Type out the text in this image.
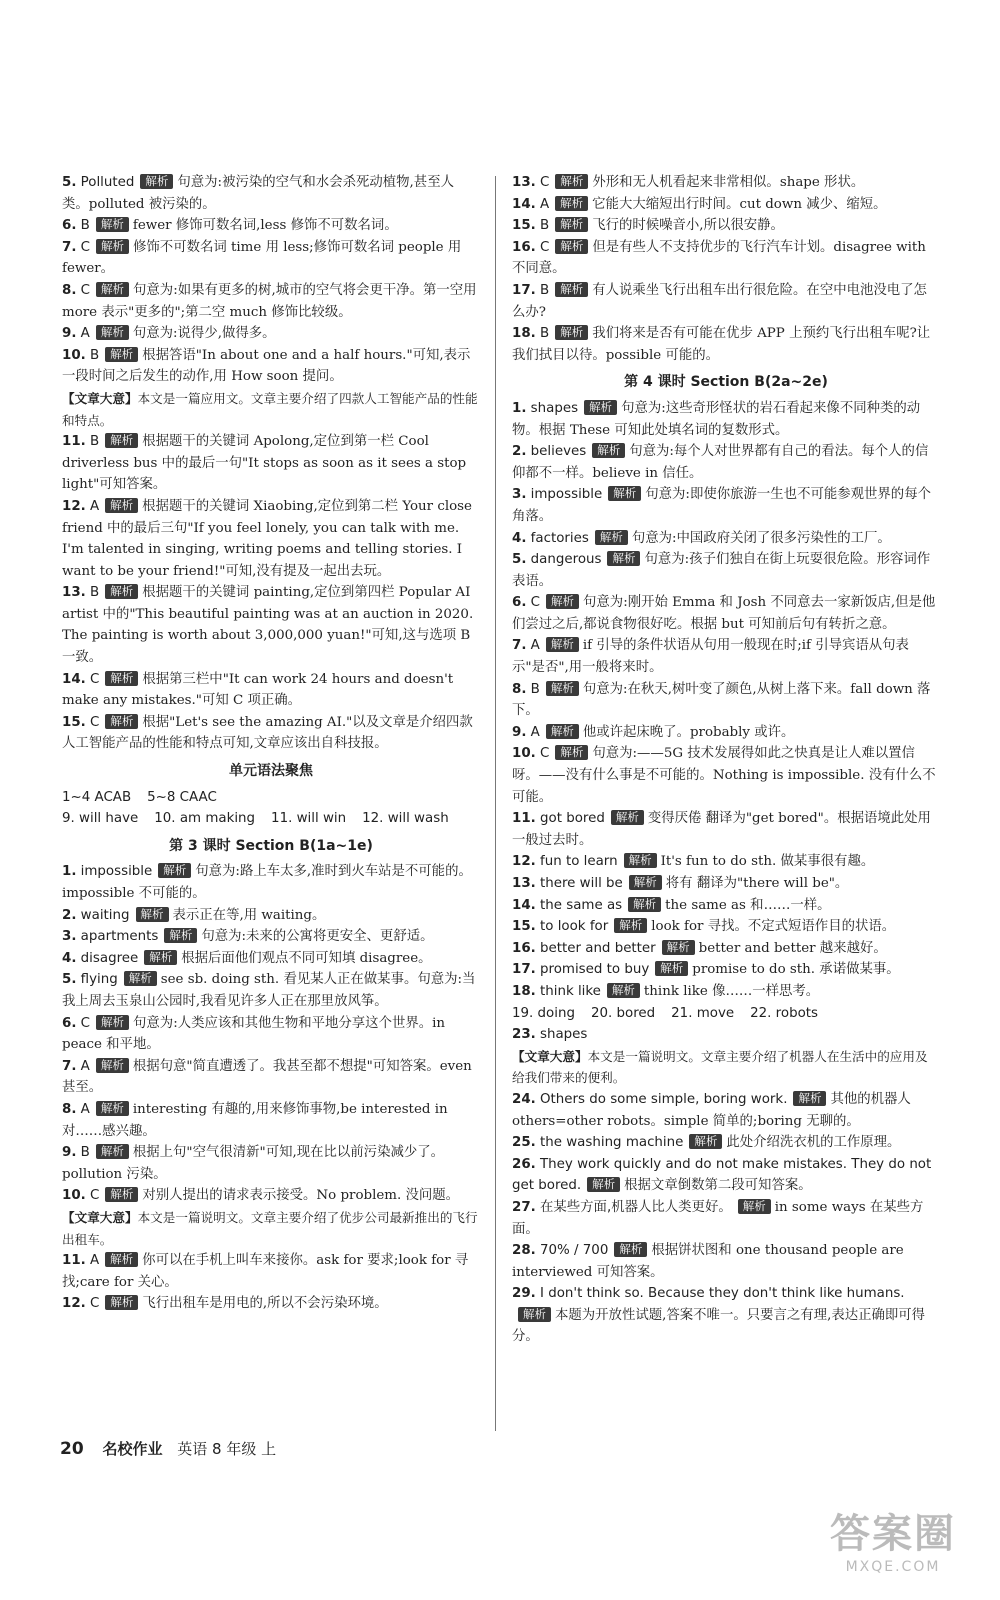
5. Polluted 解析 句意为:被污染的空气和水会杀死动植物,甚至人类。polluted 被污染的。
6. B 解析 fewer 修饰可数名词,less 修饰不可数名词。
7. C 解析 修饰不可数名词 time 用 less;修饰可数名词 people 用 fewer。
8. C 解析 句意为:如果有更多的树,城市的空气将会更干净。第一空用 more 表示"更多的";第二空 much 修饰比较级。
9. A 解析 句意为:说得少,做得多。
10. B 解析 根据答语"In about one and a half hours."可知,表示一段时间之后发生的动作,用 How soon 提问。
【文章大意】本文是一篇应用文。文章主要介绍了四款人工智能产品的性能和特点。
11. B 解析 根据题干的关键词 Apolong,定位到第一栏 Cool driverless bus 中的最后一句"It stops as soon as it sees a stop light"可知答案。
12. A 解析 根据题干的关键词 Xiaobing,定位到第二栏 Your close friend 中的最后三句"If you feel lonely, you can talk with me. I'm talented in singing, writing poems and telling stories. I want to be your friend!"可知,没有提及一起出去玩。
13. B 解析 根据题干的关键词 painting,定位到第四栏 Popular AI artist 中的"This beautiful painting was at an auction in 2020. The painting is worth about 3,000,000 yuan!"可知,这与选项 B 一致。
14. C 解析 根据第三栏中"It can work 24 hours and doesn't make any mistakes."可知 C 项正确。
15. C 解析 根据"Let's see the amazing AI."以及文章是介绍四款人工智能产品的性能和特点可知,文章应该出自科技报。
单元语法聚焦
1~4 ACAB 5~8 CAAC
9. will have 10. am making 11. will win 12. will wash
第 3 课时 Section B(1a~1e)
1. impossible 解析 句意为:路上车太多,准时到火车站是不可能的。impossible 不可能的。
2. waiting 解析 表示正在等,用 waiting。
3. apartments 解析 句意为:未来的公寓将更安全、更舒适。
4. disagree 解析 根据后面他们观点不同可知填 disagree。
5. flying 解析 see sb. doing sth. 看见某人正在做某事。句意为:当我上周去玉泉山公园时,我看见许多人正在那里放风筝。
6. C 解析 句意为:人类应该和其他生物和平地分享这个世界。in peace 和平地。
7. A 解析 根据句意"简直遭透了。我甚至都不想提"可知答案。even 甚至。
8. A 解析 interesting 有趣的,用来修饰事物,be interested in 对……感兴趣。
9. B 解析 根据上句"空气很清新"可知,现在比以前污染减少了。pollution 污染。
10. C 解析 对别人提出的请求表示接受。No problem. 没问题。
【文章大意】本文是一篇说明文。文章主要介绍了优步公司最新推出的飞行出租车。
11. A 解析 你可以在手机上叫车来接你。ask for 要求;look for 寻找;care for 关心。
12. C 解析 飞行出租车是用电的,所以不会污染环境。
13. C 解析 外形和无人机看起来非常相似。shape 形状。
14. A 解析 它能大大缩短出行时间。cut down 减少、缩短。
15. B 解析 飞行的时候噪音小,所以很安静。
16. C 解析 但是有些人不支持优步的飞行汽车计划。disagree with 不同意。
17. B 解析 有人说乘坐飞行出租车出行很危险。在空中电池没电了怎么办?
18. B 解析 我们将来是否有可能在优步 APP 上预约飞行出租车呢?让我们拭目以待。possible 可能的。
第 4 课时 Section B(2a~2e)
1. shapes 解析 句意为:这些奇形怪状的岩石看起来像不同种类的动物。根据 These 可知此处填名词的复数形式。
2. believes 解析 句意为:每个人对世界都有自己的看法。每个人的信仰都不一样。believe in 信任。
3. impossible 解析 句意为:即使你旅游一生也不可能参观世界的每个角落。
4. factories 解析 句意为:中国政府关闭了很多污染性的工厂。
5. dangerous 解析 句意为:孩子们独自在街上玩耍很危险。形容词作表语。
6. C 解析 句意为:刚开始 Emma 和 Josh 不同意去一家新饭店,但是他们尝过之后,都说食物很好吃。根据 but 可知前后句有转折之意。
7. A 解析 if 引导的条件状语从句用一般现在时;if 引导宾语从句表示"是否",用一般将来时。
8. B 解析 句意为:在秋天,树叶变了颜色,从树上落下来。fall down 落下。
9. A 解析 他或许起床晚了。probably 或许。
10. C 解析 句意为:——5G 技术发展得如此之快真是让人难以置信呀。——没有什么事是不可能的。Nothing is impossible. 没有什么不可能。
11. got bored 解析 变得厌倦 翻译为"get bored"。根据语境此处用一般过去时。
12. fun to learn 解析 It's fun to do sth. 做某事很有趣。
13. there will be 解析 将有 翻译为"there will be"。
14. the same as 解析 the same as 和……一样。
15. to look for 解析 look for 寻找。不定式短语作目的状语。
16. better and better 解析 better and better 越来越好。
17. promised to buy 解析 promise to do sth. 承诺做某事。
18. think like 解析 think like 像……一样思考。
19. doing 20. bored 21. move 22. robots
23. shapes
【文章大意】本文是一篇说明文。文章主要介绍了机器人在生活中的应用及给我们带来的便利。
24. Others do some simple, boring work. 解析 其他的机器人 others=other robots。simple 简单的;boring 无聊的。
25. the washing machine 解析 此处介绍洗衣机的工作原理。
26. They work quickly and do not make mistakes. They do not get bored. 解析 根据文章倒数第二段可知答案。
27. 在某些方面,机器人比人类更好。 解析 in some ways 在某些方面。
28. 70% / 700 解析 根据饼状图和 one thousand people are interviewed 可知答案。
29. I don't think so. Because they don't think like humans.解析 本题为开放性试题,答案不唯一。只要言之有理,表达正确即可得分。
20 名校作业 英语 8 年级 上
答案圈
MXQE.COM
